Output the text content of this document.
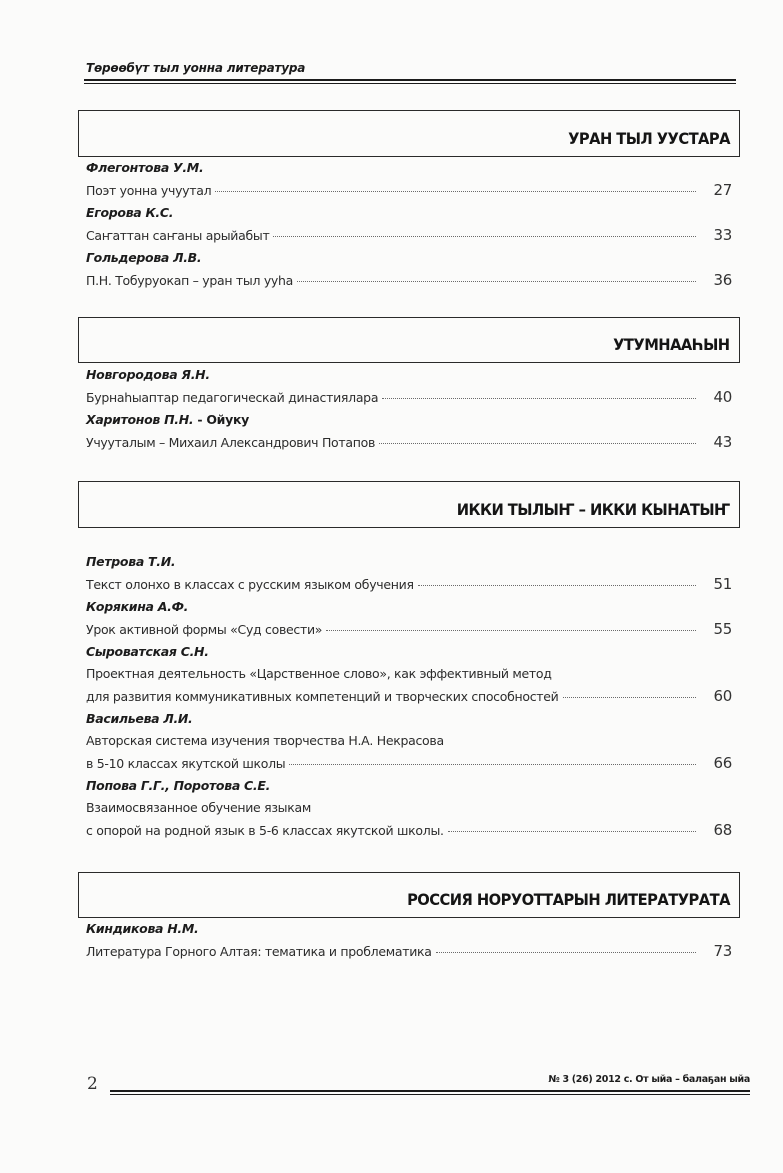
Төрөөбүт тыл уонна литература
УРАН ТЫЛ УУСТАРА
Флегонтова У.М.
Поэт уонна учуутал	27
Егорова К.С.
Саҥаттан саҥаны арыйабыт	33
Гольдерова Л.В.
П.Н. Тобуруокап – уран тыл ууһа	36
УТУМНААҺЫН
Новгородова Я.Н.
Бурнаһыаптар педагогическай династиялара	40
Харитонов П.Н. - Ойуку
Учууталым – Михаил Александрович Потапов	43
ИККИ ТЫЛЫҤ – ИККИ КЫНАТЫҤ
Петрова Т.И.
Текст олонхо в классах с русским языком обучения	51
Корякина А.Ф.
Урок активной формы «Суд совести»	55
Сыроватская С.Н.
Проектная деятельность «Царственное слово», как эффективный метод
для развития коммуникативных компетенций и творческих способностей	60
Васильева Л.И.
Авторская система изучения творчества Н.А. Некрасова
в 5-10 классах якутской школы	66
Попова Г.Г., Поротова С.Е.
Взаимосвязанное обучение языкам
с опорой на родной язык в 5-6 классах якутской школы.	68
РОССИЯ НОРУОТТАРЫН ЛИТЕРАТУРАТА
Киндикова Н.М.
Литература Горного Алтая: тематика и проблематика	73
2	№ 3 (26) 2012 с. От ыйа – балаҕан ыйа
